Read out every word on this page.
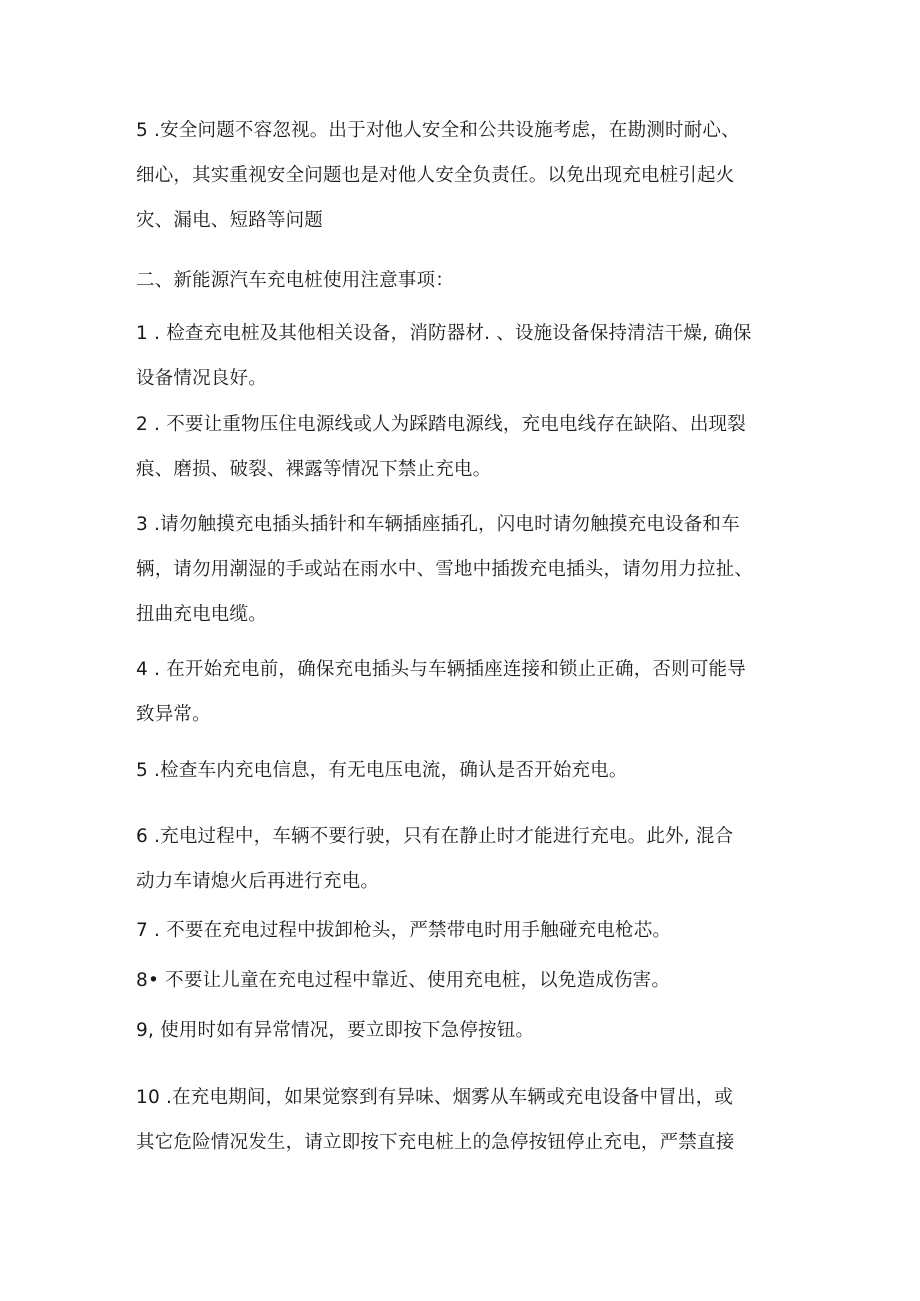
5 .安全问题不容忽视。出于对他人安全和公共设施考虑，在勘测时耐心、
细心，其实重视安全问题也是对他人安全负责任。以免出现充电桩引起火
灾、漏电、短路等问题
二、新能源汽车充电桩使用注意事项：
1 . 检查充电桩及其他相关设备，消防器材. 、设施设备保持清洁干燥, 确保
设备情况良好。
2 . 不要让重物压住电源线或人为踩踏电源线，充电电线存在缺陷、出现裂
痕、磨损、破裂、裸露等情况下禁止充电。
3 .请勿触摸充电插头插针和车辆插座插孔，闪电时请勿触摸充电设备和车
辆，请勿用潮湿的手或站在雨水中、雪地中插拨充电插头，请勿用力拉扯、
扭曲充电电缆。
4 . 在开始充电前，确保充电插头与车辆插座连接和锁止正确，否则可能导
致异常。
5 .检查车内充电信息，有无电压电流，确认是否开始充电。
6 .充电过程中，车辆不要行驶，只有在静止时才能进行充电。此外, 混合
动力车请熄火后再进行充电。
7 . 不要在充电过程中拔卸枪头，严禁带电时用手触碰充电枪芯。
8• 不要让儿童在充电过程中靠近、使用充电桩，以免造成伤害。
9, 使用时如有异常情况，要立即按下急停按钮。
10 .在充电期间，如果觉察到有异味、烟雾从车辆或充电设备中冒出，或
其它危险情况发生，请立即按下充电桩上的急停按钮停止充电，严禁直接
